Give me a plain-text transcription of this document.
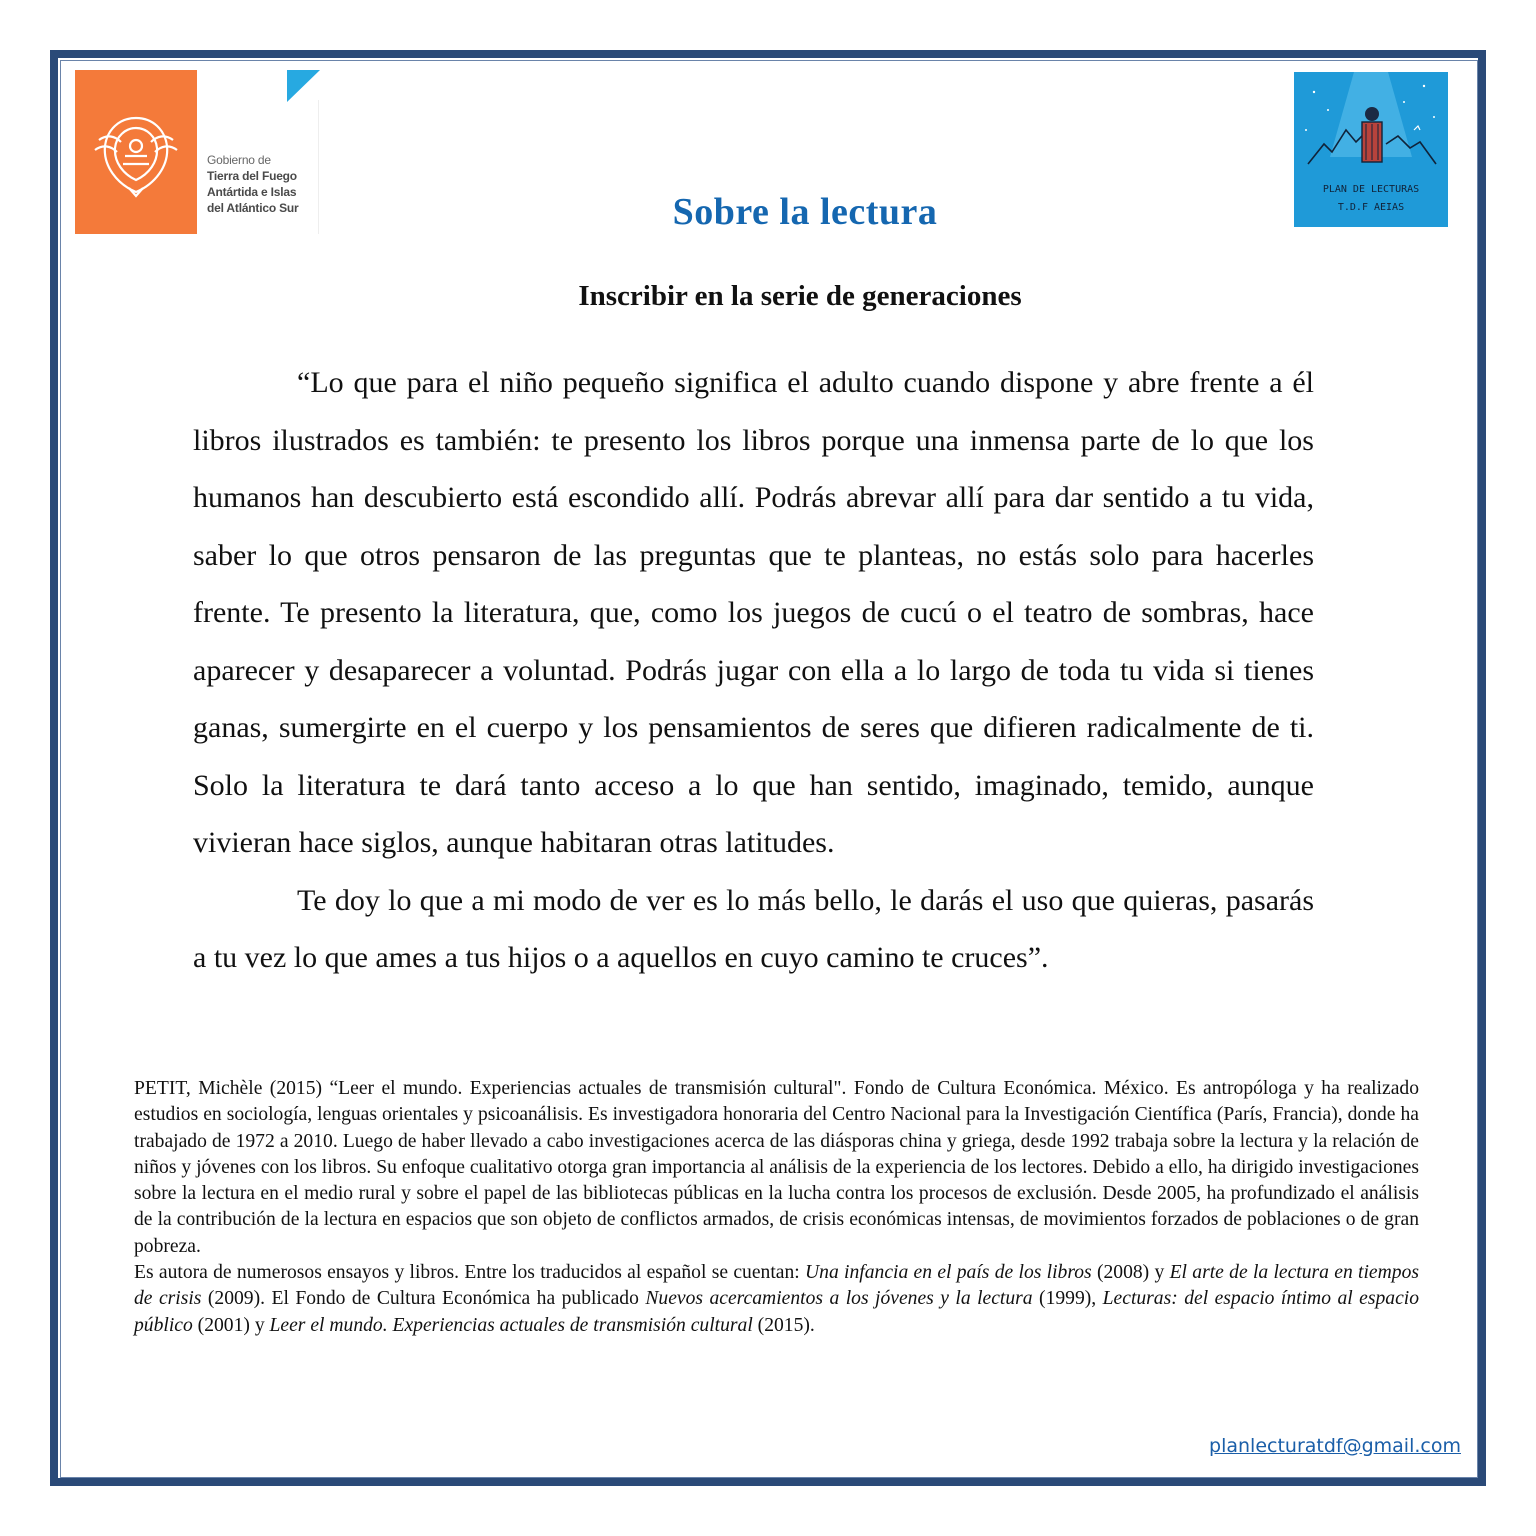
Gobierno de
Tierra del Fuego
Antártida e Islas
del Atlántico Sur
PLAN DE LECTURAS
T.D.F AEIAS
Sobre la lectura
Inscribir en la serie de generaciones

“Lo que para el niño pequeño significa el adulto cuando dispone y abre frente a él libros ilustrados es también: te presento los libros porque una inmensa parte de lo que los humanos han descubierto está escondido allí. Podrás abrevar allí para dar sentido a tu vida, saber lo que otros pensaron de las preguntas que te planteas, no estás solo para hacerles frente. Te presento la literatura, que, como los juegos de cucú o el teatro de sombras, hace aparecer y desaparecer a voluntad. Podrás jugar con ella a lo largo de toda tu vida si tienes ganas, sumergirte en el cuerpo y los pensamientos de seres que difieren radicalmente de ti. Solo la literatura te dará tanto acceso a lo que han sentido, imaginado, temido, aunque vivieran hace siglos, aunque habitaran otras latitudes.

Te doy lo que a mi modo de ver es lo más bello, le darás el uso que quieras, pasarás a tu vez lo que ames a tus hijos o a aquellos en cuyo camino te cruces”.

PETIT, Michèle (2015) “Leer el mundo. Experiencias actuales de transmisión cultural". Fondo de Cultura Económica. México. Es antropóloga y ha realizado estudios en sociología, lenguas orientales y psicoanálisis. Es investigadora honoraria del Centro Nacional para la Investigación Científica (París, Francia), donde ha trabajado de 1972 a 2010. Luego de haber llevado a cabo investigaciones acerca de las diásporas china y griega, desde 1992 trabaja sobre la lectura y la relación de niños y jóvenes con los libros. Su enfoque cualitativo otorga gran importancia al análisis de la experiencia de los lectores. Debido a ello, ha dirigido investigaciones sobre la lectura en el medio rural y sobre el papel de las bibliotecas públicas en la lucha contra los procesos de exclusión. Desde 2005, ha profundizado el análisis de la contribución de la lectura en espacios que son objeto de conflictos armados, de crisis económicas intensas, de movimientos forzados de poblaciones o de gran pobreza.

Es autora de numerosos ensayos y libros. Entre los traducidos al español se cuentan: Una infancia en el país de los libros (2008) y El arte de la lectura en tiempos de crisis (2009). El Fondo de Cultura Económica ha publicado Nuevos acercamientos a los jóvenes y la lectura (1999), Lecturas: del espacio íntimo al espacio público (2001) y Leer el mundo. Experiencias actuales de transmisión cultural (2015).

planlecturatdf@gmail.com
